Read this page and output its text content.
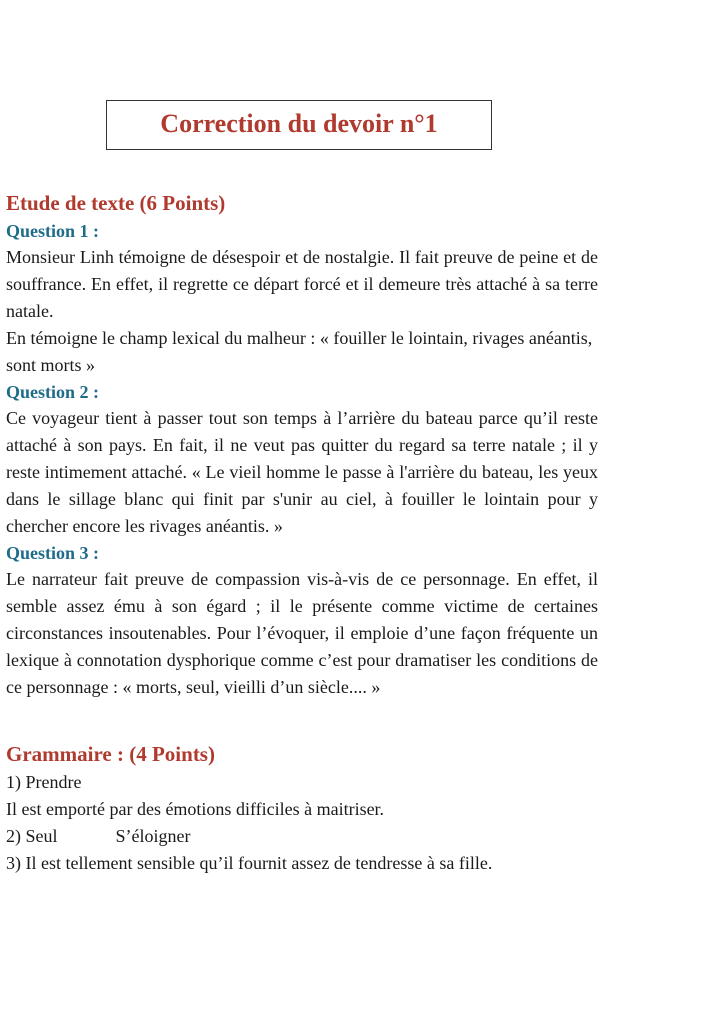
Correction du devoir n°1
Etude de texte (6 Points)
Question 1 :

Monsieur Linh témoigne de désespoir et de nostalgie. Il fait preuve de peine et de souffrance. En effet, il regrette ce départ forcé et il demeure très attaché à sa terre natale.

En témoigne le champ lexical du malheur : « fouiller le lointain, rivages anéantis, sont morts »

Question 2 :

Ce voyageur tient à passer tout son temps à l’arrière du bateau parce qu’il reste attaché à son pays. En fait, il ne veut pas quitter du regard sa terre natale ; il y reste intimement attaché. « Le vieil homme le passe à l'arrière du bateau, les yeux dans le sillage blanc qui finit par s'unir au ciel, à fouiller le lointain pour y chercher encore les rivages anéantis. »

Question 3 :

Le narrateur fait preuve de compassion vis-à-vis de ce personnage. En effet, il semble assez ému à son égard ; il le présente comme victime de certaines circonstances insoutenables. Pour l’évoquer, il emploie d’une façon fréquente un lexique à connotation dysphorique comme c’est pour dramatiser les conditions de ce personnage : « morts, seul, vieilli d’un siècle.... »

Grammaire : (4 Points)

1) Prendre

Il est emporté par des émotions difficiles à maitriser.

2) Seul	S’éloigner

3) Il est tellement sensible qu’il fournit assez de tendresse à sa fille.
